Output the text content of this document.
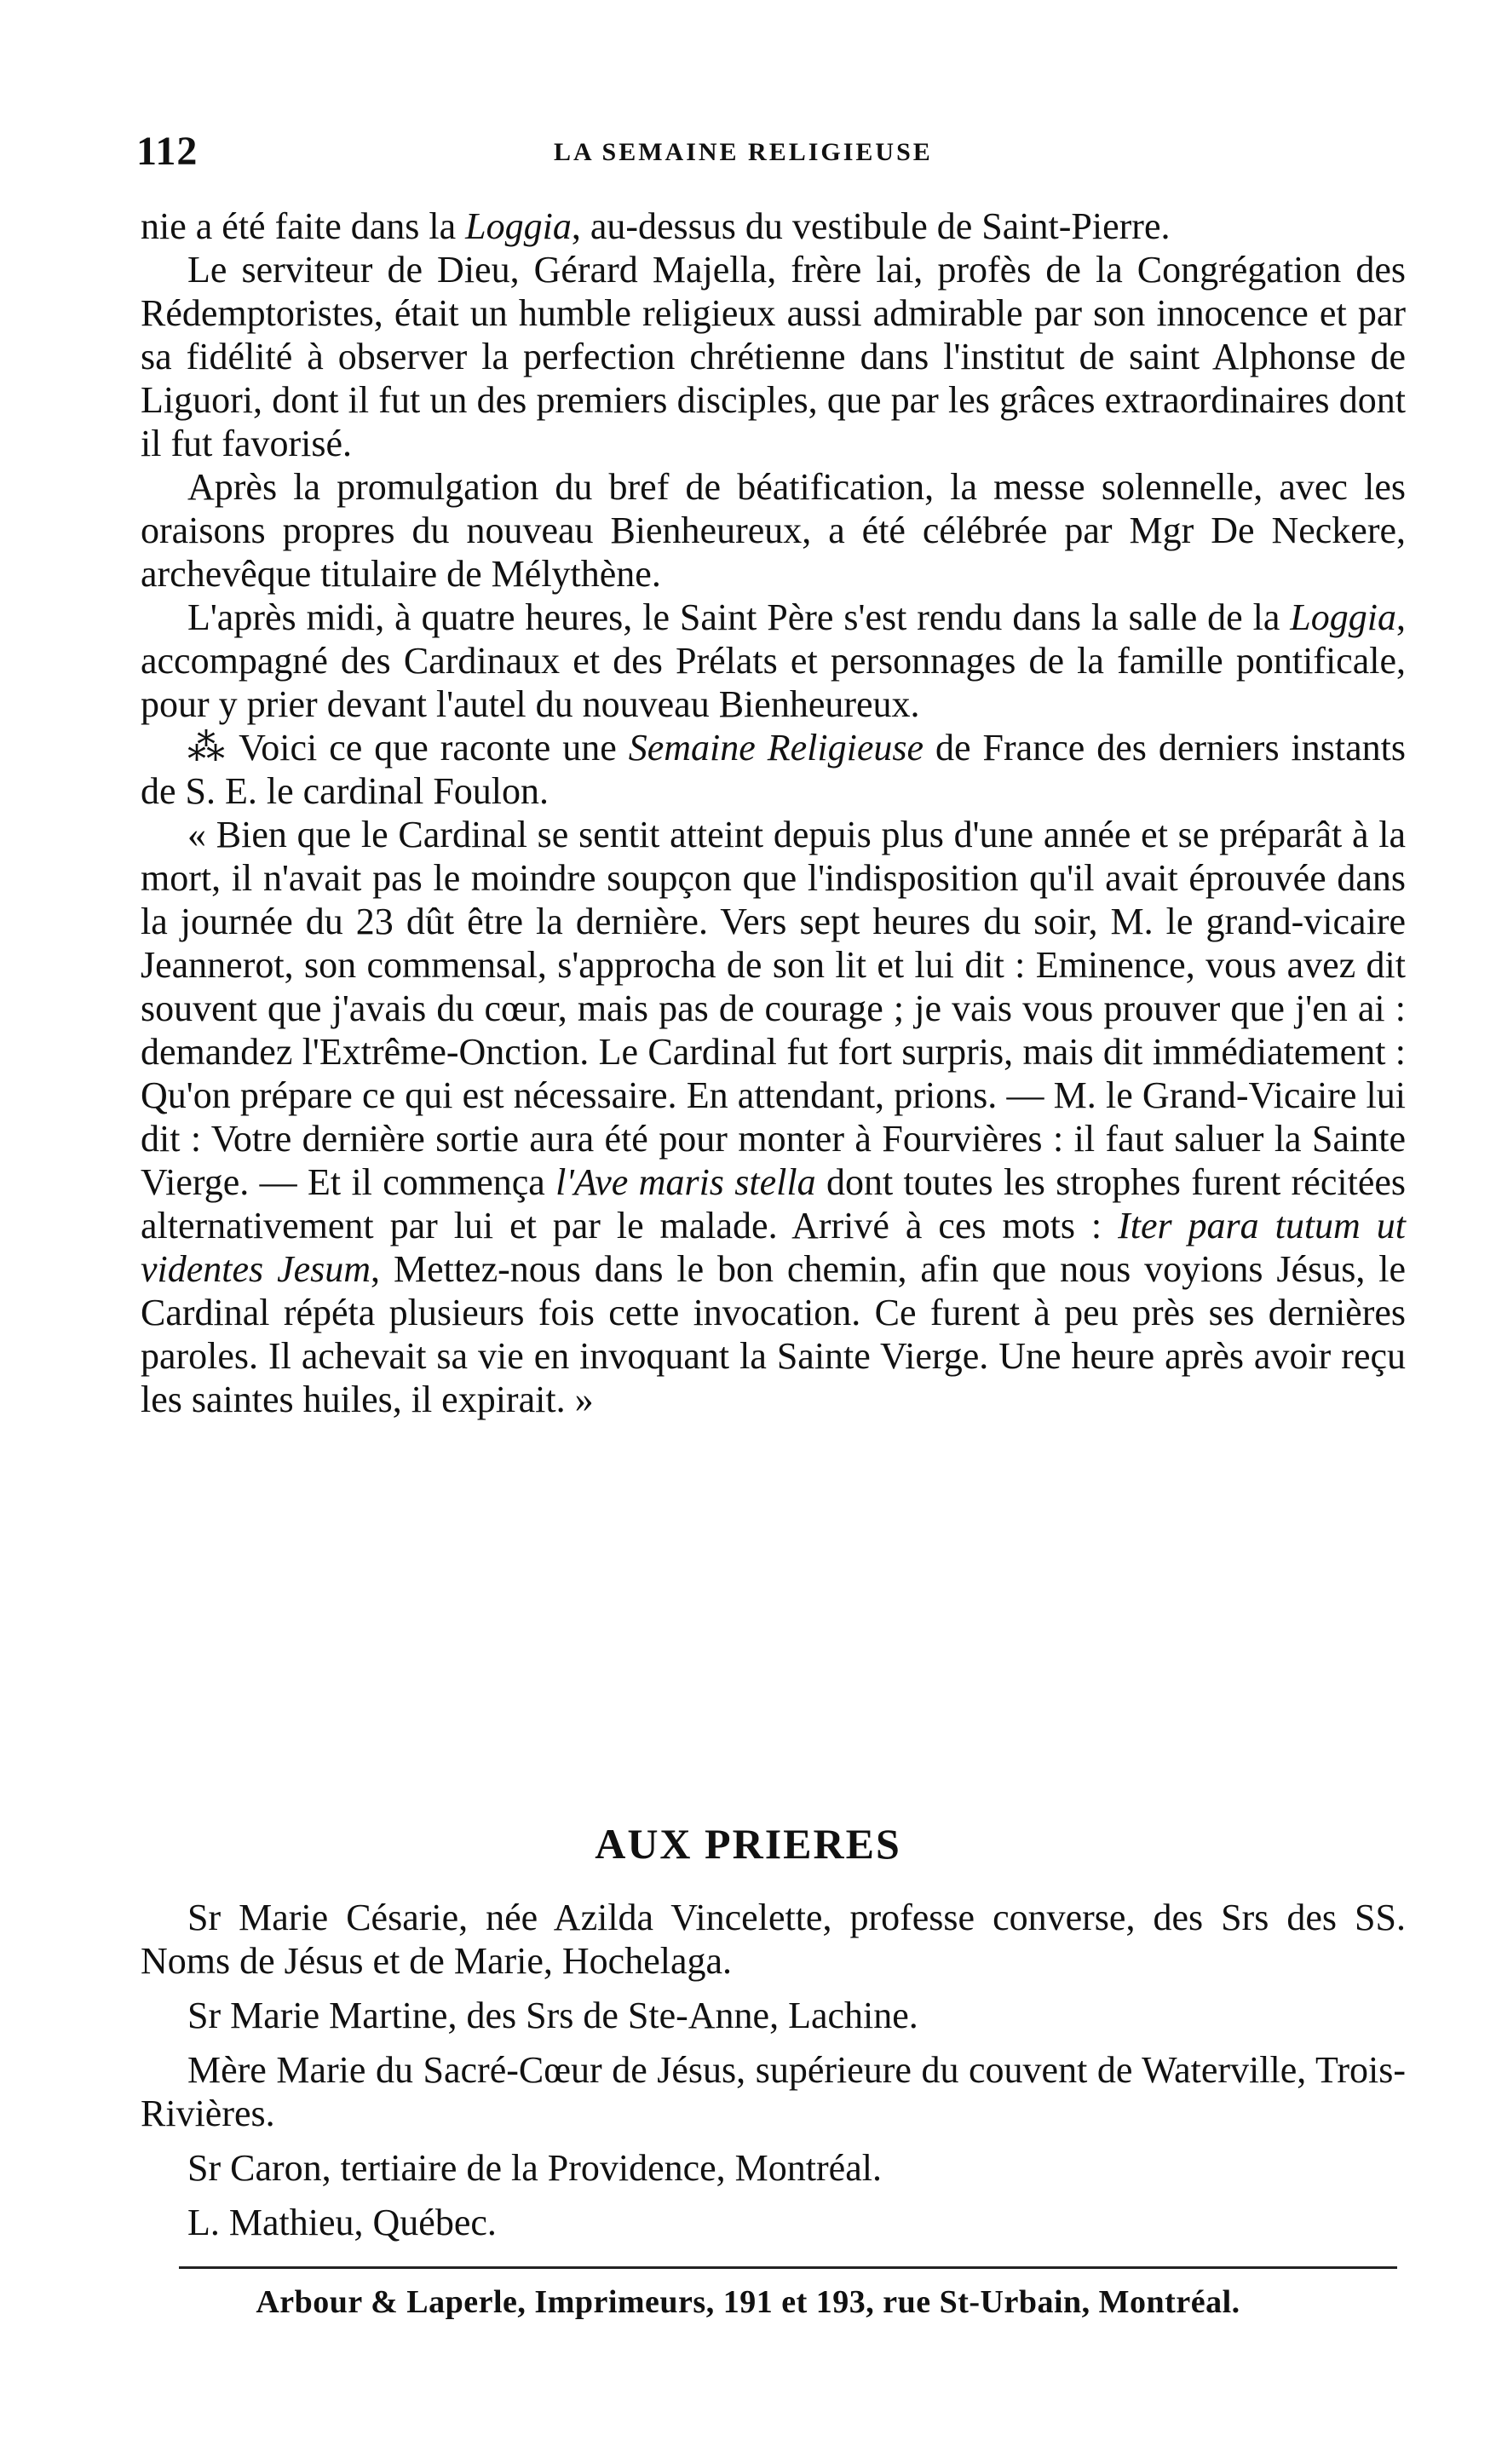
112	LA SEMAINE RELIGIEUSE

nie a été faite dans la Loggia, au-dessus du vestibule de Saint-Pierre.

Le serviteur de Dieu, Gérard Majella, frère lai, profès de la Congrégation des Rédemptoristes, était un humble religieux aussi admirable par son innocence et par sa fidélité à observer la perfection chrétienne dans l'institut de saint Alphonse de Liguori, dont il fut un des premiers disciples, que par les grâces extraordinaires dont il fut favorisé.

Après la promulgation du bref de béatification, la messe solennelle, avec les oraisons propres du nouveau Bienheureux, a été célébrée par Mgr De Neckere, archevêque titulaire de Mélythène.

L'après midi, à quatre heures, le Saint Père s'est rendu dans la salle de la Loggia, accompagné des Cardinaux et des Prélats et personnages de la famille pontificale, pour y prier devant l'autel du nouveau Bienheureux.

⁂ Voici ce que raconte une Semaine Religieuse de France des derniers instants de S. E. le cardinal Foulon.

« Bien que le Cardinal se sentit atteint depuis plus d'une année et se préparât à la mort, il n'avait pas le moindre soupçon que l'indisposition qu'il avait éprouvée dans la journée du 23 dût être la dernière. Vers sept heures du soir, M. le grand-vicaire Jeannerot, son commensal, s'approcha de son lit et lui dit : Eminence, vous avez dit souvent que j'avais du cœur, mais pas de courage ; je vais vous prouver que j'en ai : demandez l'Extrême-Onction. Le Cardinal fut fort surpris, mais dit immédiatement : Qu'on prépare ce qui est nécessaire. En attendant, prions. — M. le Grand-Vicaire lui dit : Votre dernière sortie aura été pour monter à Fourvières : il faut saluer la Sainte Vierge. — Et il commença l'Ave maris stella dont toutes les strophes furent récitées alternativement par lui et par le malade. Arrivé à ces mots : Iter para tutum ut videntes Jesum, Mettez-nous dans le bon chemin, afin que nous voyions Jésus, le Cardinal répéta plusieurs fois cette invocation. Ce furent à peu près ses dernières paroles. Il achevait sa vie en invoquant la Sainte Vierge. Une heure après avoir reçu les saintes huiles, il expirait. »

AUX PRIERES

Sr Marie Césarie, née Azilda Vincelette, professe converse, des Srs des SS. Noms de Jésus et de Marie, Hochelaga.

Sr Marie Martine, des Srs de Ste-Anne, Lachine.

Mère Marie du Sacré-Cœur de Jésus, supérieure du couvent de Waterville, Trois-Rivières.

Sr Caron, tertiaire de la Providence, Montréal.

L. Mathieu, Québec.

Arbour & Laperle, Imprimeurs, 191 et 193, rue St-Urbain, Montréal.
